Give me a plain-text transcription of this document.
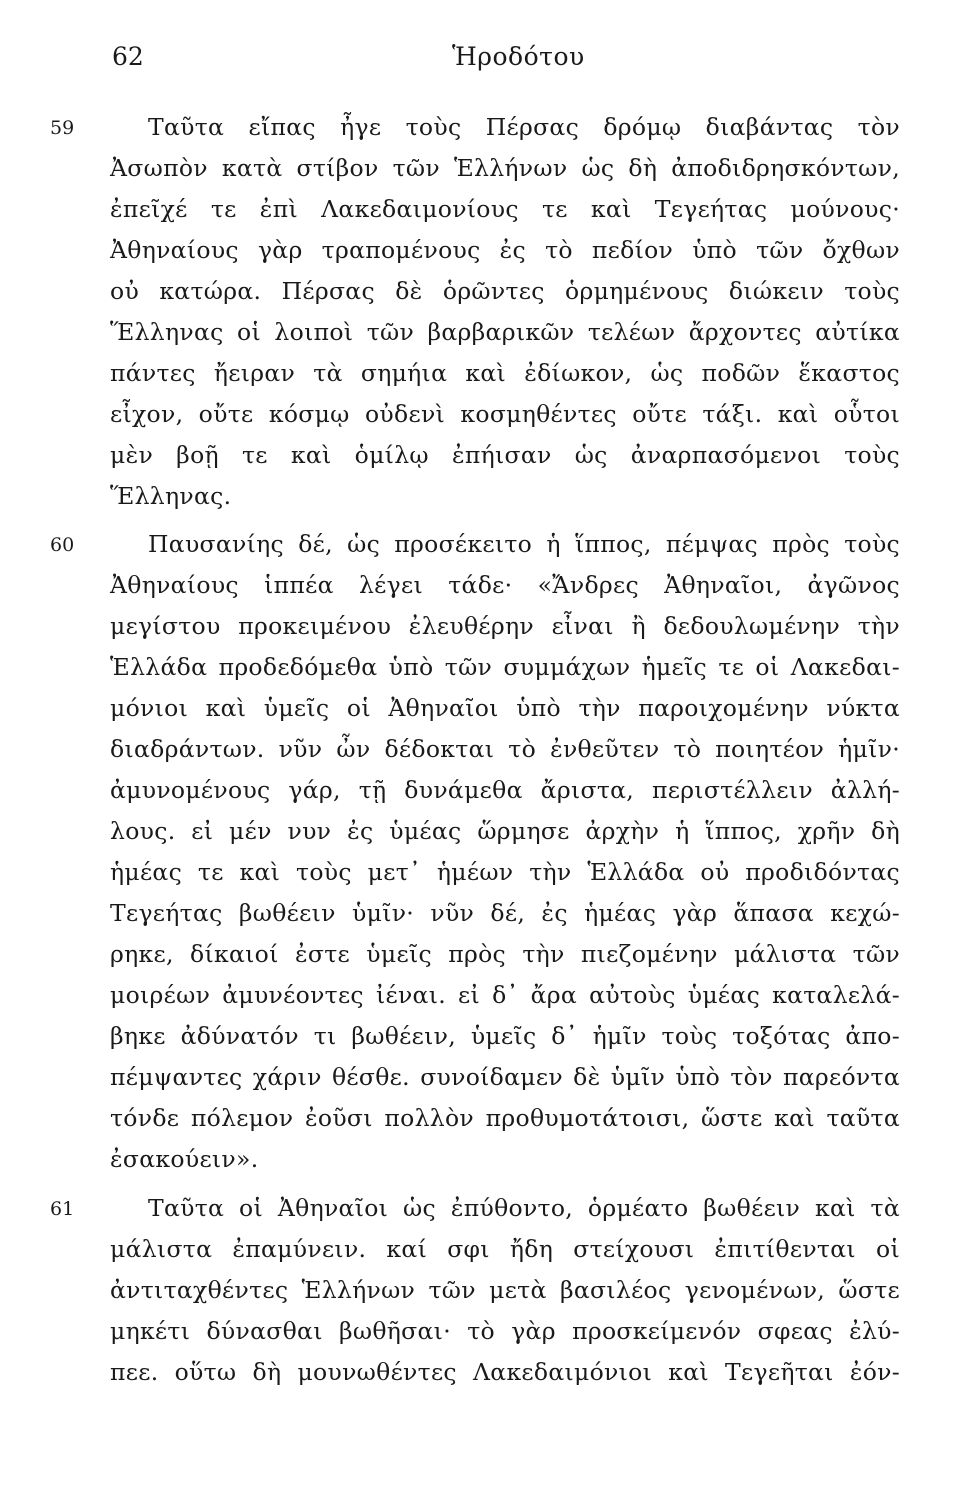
62	Ἡροδότου
59	Ταῦτα εἴπας ἦγε τοὺς Πέρσας δρόμῳ διαβάντας τὸν
Ἀσωπὸν κατὰ στίβον τῶν Ἑλλήνων ὡς δὴ ἀποδιδρησκόντων,
ἐπεῖχέ τε ἐπὶ Λακεδαιμονίους τε καὶ Τεγεήτας μούνους·
Ἀθηναίους γὰρ τραπομένους ἐς τὸ πεδίον ὑπὸ τῶν ὄχθων
οὐ κατώρα. Πέρσας δὲ ὁρῶντες ὁρμημένους διώκειν τοὺς
Ἕλληνας οἱ λοιποὶ τῶν βαρβαρικῶν τελέων ἄρχοντες αὐτίκα
πάντες ἤειραν τὰ σημήια καὶ ἐδίωκον, ὡς ποδῶν ἕκαστος
εἶχον, οὔτε κόσμῳ οὐδενὶ κοσμηθέντες οὔτε τάξι. καὶ οὗτοι
μὲν βοῇ τε καὶ ὁμίλῳ ἐπήισαν ὡς ἀναρπασόμενοι τοὺς
Ἕλληνας.
60	Παυσανίης δέ, ὡς προσέκειτο ἡ ἵππος, πέμψας πρὸς τοὺς
Ἀθηναίους ἱππέα λέγει τάδε· «Ἄνδρες Ἀθηναῖοι, ἀγῶνος
μεγίστου προκειμένου ἐλευθέρην εἶναι ἢ δεδουλωμένην τὴν
Ἑλλάδα προδεδόμεθα ὑπὸ τῶν συμμάχων ἡμεῖς τε οἱ Λακεδαι-
μόνιοι καὶ ὑμεῖς οἱ Ἀθηναῖοι ὑπὸ τὴν παροιχομένην νύκτα
διαδράντων. νῦν ὦν δέδοκται τὸ ἐνθεῦτεν τὸ ποιητέον ἡμῖν·
ἀμυνομένους γάρ, τῇ δυνάμεθα ἄριστα, περιστέλλειν ἀλλή-
λους. εἰ μέν νυν ἐς ὑμέας ὥρμησε ἀρχὴν ἡ ἵππος, χρῆν δὴ
ἡμέας τε καὶ τοὺς μετ᾽ ἡμέων τὴν Ἑλλάδα οὐ προδιδόντας
Τεγεήτας βωθέειν ὑμῖν· νῦν δέ, ἐς ἡμέας γὰρ ἅπασα κεχώ-
ρηκε, δίκαιοί ἐστε ὑμεῖς πρὸς τὴν πιεζομένην μάλιστα τῶν
μοιρέων ἀμυνέοντες ἰέναι. εἰ δ᾽ ἄρα αὐτοὺς ὑμέας καταλελά-
βηκε ἀδύνατόν τι βωθέειν, ὑμεῖς δ᾽ ἡμῖν τοὺς τοξότας ἀπο-
πέμψαντες χάριν θέσθε. συνοίδαμεν δὲ ὑμῖν ὑπὸ τὸν παρεόντα
τόνδε πόλεμον ἐοῦσι πολλὸν προθυμοτάτοισι, ὥστε καὶ ταῦτα
ἐσακούειν».
61	Ταῦτα οἱ Ἀθηναῖοι ὡς ἐπύθοντο, ὁρμέατο βωθέειν καὶ τὰ
μάλιστα ἐπαμύνειν. καί σφι ἤδη στείχουσι ἐπιτίθενται οἱ
ἀντιταχθέντες Ἑλλήνων τῶν μετὰ βασιλέος γενομένων, ὥστε
μηκέτι δύνασθαι βωθῆσαι· τὸ γὰρ προσκείμενόν σφεας ἐλύ-
πεε. οὕτω δὴ μουνωθέντες Λακεδαιμόνιοι καὶ Τεγεῆται ἐόν-
